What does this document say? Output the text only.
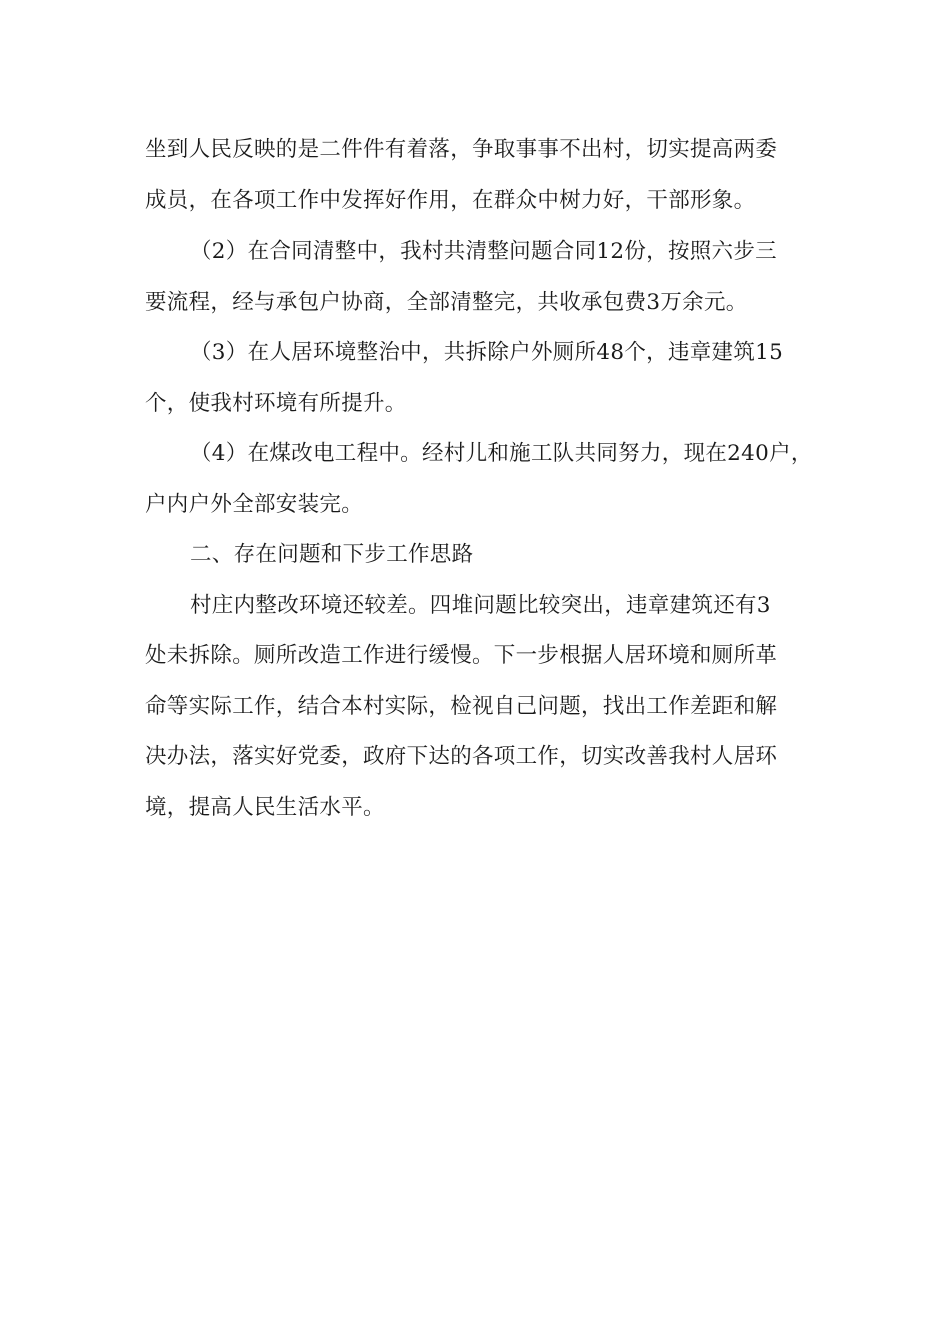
坐到人民反映的是二件件有着落，争取事事不出村，切实提高两委
成员，在各项工作中发挥好作用，在群众中树力好，干部形象。
（2）在合同清整中，我村共清整问题合同12份，按照六步三
要流程，经与承包户协商，全部清整完，共收承包费3万余元。
（3）在人居环境整治中，共拆除户外厕所48个，违章建筑15
个，使我村环境有所提升。
（4）在煤改电工程中。经村儿和施工队共同努力，现在240户，
户内户外全部安装完。
二、存在问题和下步工作思路
村庄内整改环境还较差。四堆问题比较突出，违章建筑还有3
处未拆除。厕所改造工作进行缓慢。下一步根据人居环境和厕所革
命等实际工作，结合本村实际，检视自己问题，找出工作差距和解
决办法，落实好党委，政府下达的各项工作，切实改善我村人居环
境，提高人民生活水平。
